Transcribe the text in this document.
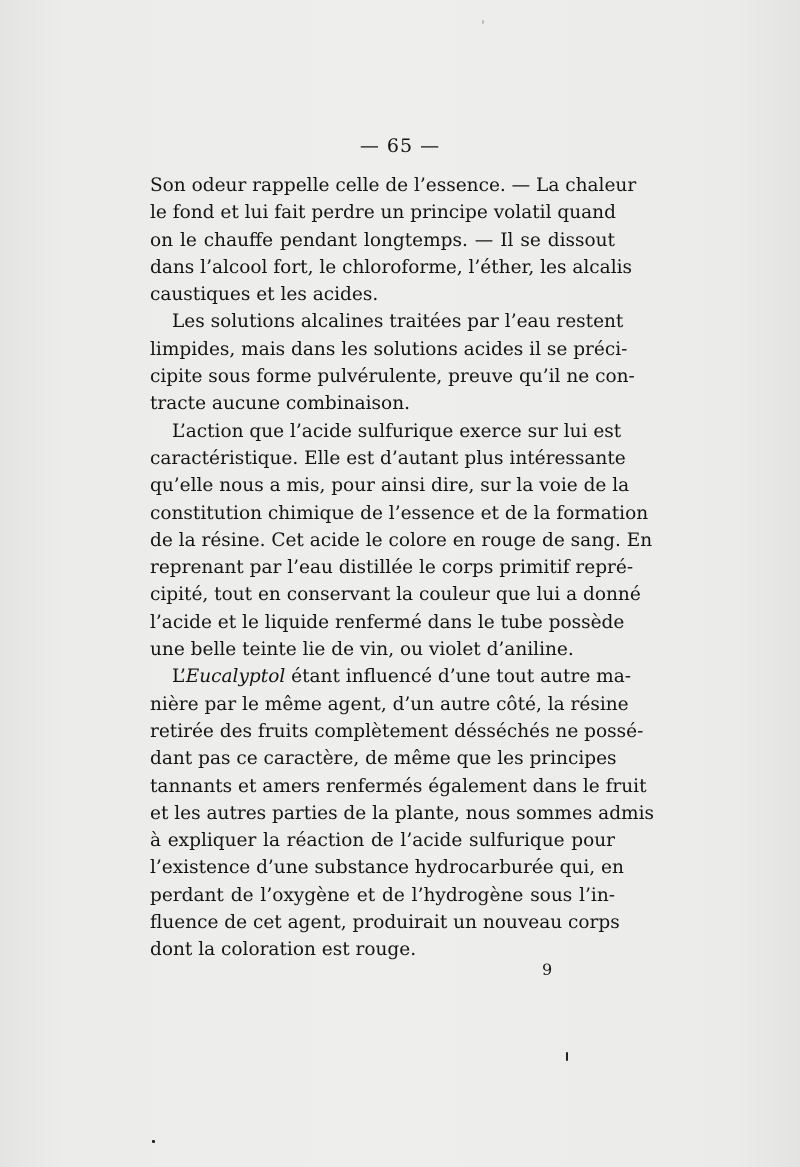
— 65 —
Son odeur rappelle celle de l’essence. — La chaleur
le fond et lui fait perdre un principe volatil quand
on le chauffe pendant longtemps. — Il se dissout
dans l’alcool fort, le chloroforme, l’éther, les alcalis
caustiques et les acides.
Les solutions alcalines traitées par l’eau restent
limpides, mais dans les solutions acides il se préci-
cipite sous forme pulvérulente, preuve qu’il ne con-
tracte aucune combinaison.
L’action que l’acide sulfurique exerce sur lui est
caractéristique. Elle est d’autant plus intéressante
qu’elle nous a mis, pour ainsi dire, sur la voie de la
constitution chimique de l’essence et de la formation
de la résine. Cet acide le colore en rouge de sang. En
reprenant par l’eau distillée le corps primitif repré-
cipité, tout en conservant la couleur que lui a donné
l’acide et le liquide renfermé dans le tube possède
une belle teinte lie de vin, ou violet d’aniline.
L’Eucalyptol étant influencé d’une tout autre ma-
nière par le même agent, d’un autre côté, la résine
retirée des fruits complètement désséchés ne possé-
dant pas ce caractère, de même que les principes
tannants et amers renfermés également dans le fruit
et les autres parties de la plante, nous sommes admis
à expliquer la réaction de l’acide sulfurique pour
l’existence d’une substance hydrocarburée qui, en
perdant de l’oxygène et de l’hydrogène sous l’in-
fluence de cet agent, produirait un nouveau corps
dont la coloration est rouge.
9
